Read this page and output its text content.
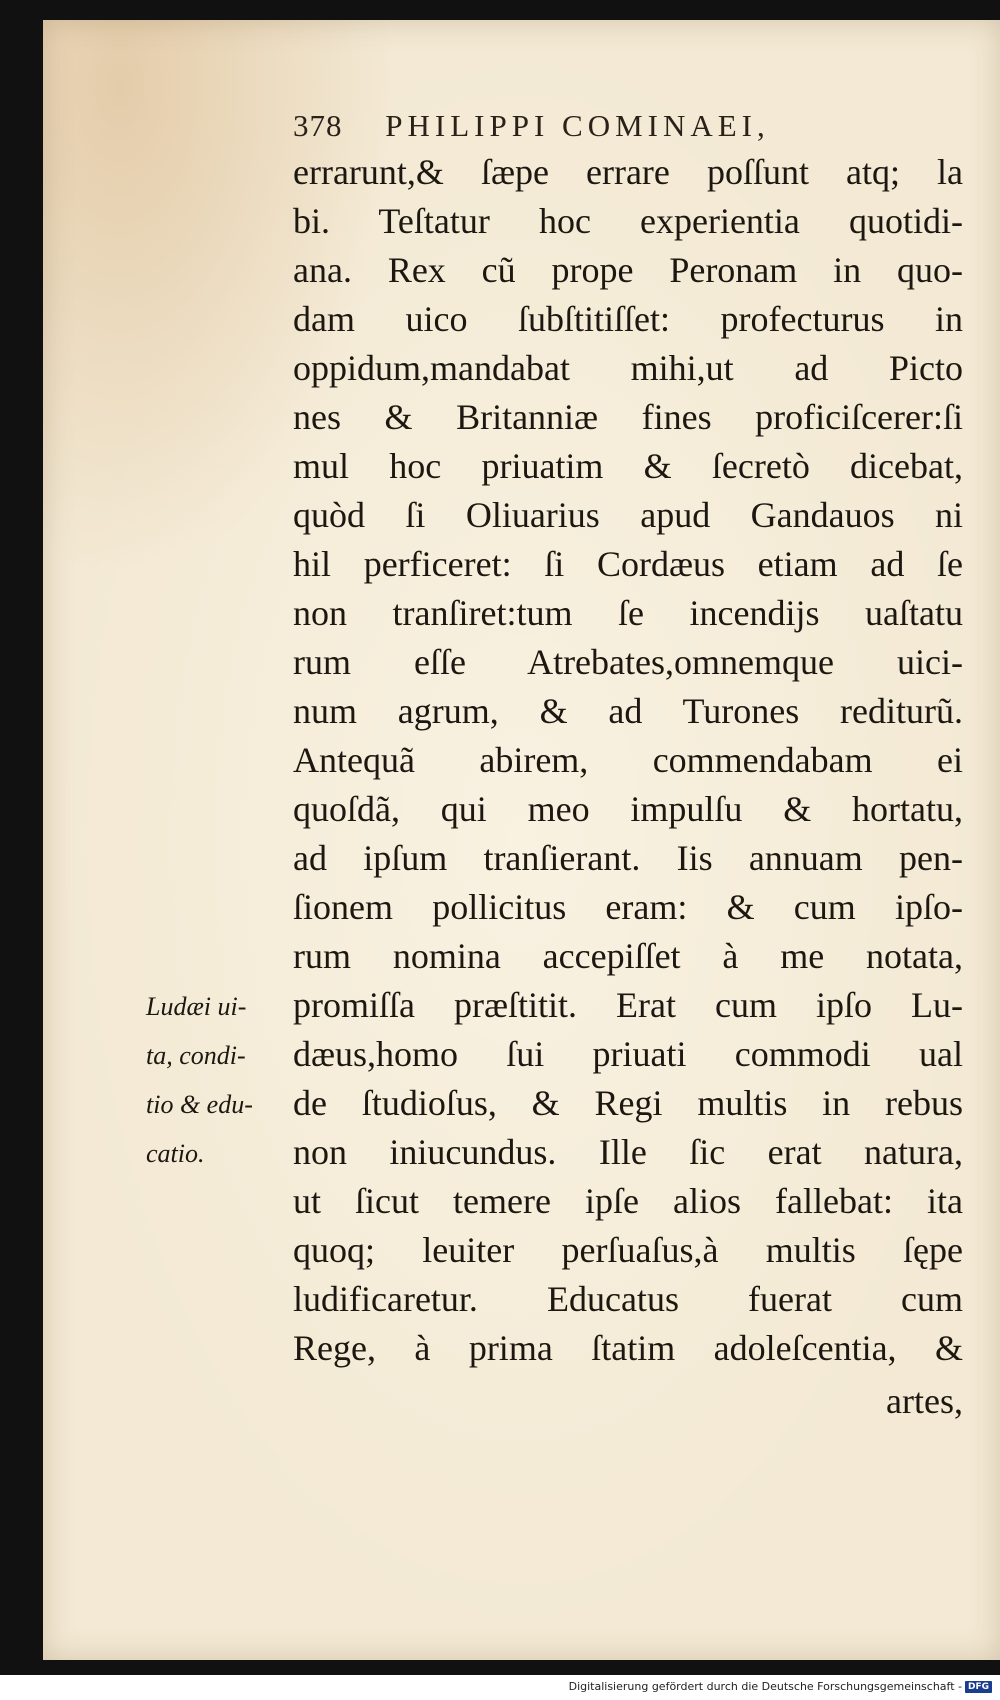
378 PHILIPPI COMINAEI,
errarunt,& ſæpe errare poſſunt atq; la
bi. Teſtatur hoc experientia quotidi-
ana. Rex cũ prope Peronam in quo-
dam uico ſubſtitiſſet: profecturus in
oppidum,mandabat mihi,ut ad Picto
nes & Britanniæ fines proficiſcerer:ſi
mul hoc priuatim & ſecretò dicebat,
quòd ſi Oliuarius apud Gandauos ni
hil perficeret: ſi Cordæus etiam ad ſe
non tranſiret:tum ſe incendijs uaſtatu
rum eſſe Atrebates,omnemque uici-
num agrum, & ad Turones rediturũ.
Antequã abirem, commendabam ei
quoſdã, qui meo impulſu & hortatu,
ad ipſum tranſierant. Iis annuam pen-
ſionem pollicitus eram: & cum ipſo-
rum nomina accepiſſet à me notata,
promiſſa præſtitit. Erat cum ipſo Lu-
dæus,homo ſui priuati commodi ual
de ſtudioſus, & Regi multis in rebus
non iniucundus. Ille ſic erat natura,
ut ſicut temere ipſe alios fallebat: ita
quoq; leuiter perſuaſus,à multis ſępe
ludificaretur. Educatus fuerat cum
Rege, à prima ſtatim adoleſcentia, &
artes,
Ludæi ui-
ta, condi-
tio & edu-
catio.
Digitalisierung gefördert durch die Deutsche Forschungsgemeinschaft - DFG
